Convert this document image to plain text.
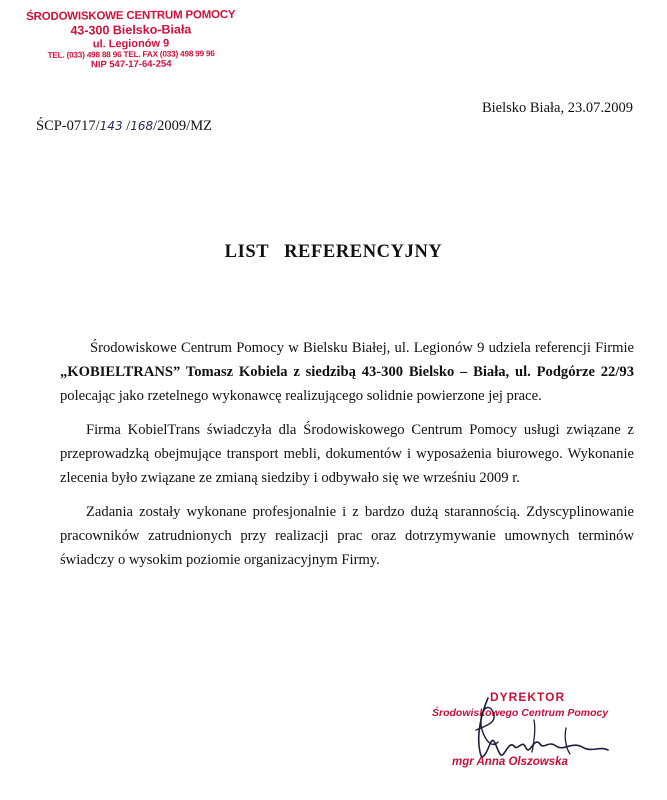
ŚRODOWISKOWE CENTRUM POMOCY
43-300 Bielsko-Biała
ul. Legionów 9
TEL. (033) 498 88 96 TEL. FAX (033) 498 99 96
NIP 547-17-64-254
Bielsko Biała, 23.07.2009
ŚCP-0717/143 /168/2009/MZ
LIST REFERENCYJNY

Środowiskowe Centrum Pomocy w Bielsku Białej, ul. Legionów 9 udziela referencji Firmie „KOBIELTRANS” Tomasz Kobiela z siedzibą 43-300 Bielsko – Biała, ul. Podgórze 22/93 polecając jako rzetelnego wykonawcę realizującego solidnie powierzone jej prace.

Firma KobielTrans świadczyła dla Środowiskowego Centrum Pomocy usługi związane z przeprowadzką obejmujące transport mebli, dokumentów i wyposażenia biurowego. Wykonanie zlecenia było związane ze zmianą siedziby i odbywało się we wrześniu 2009 r.

Zadania zostały wykonane profesjonalnie i z bardzo dużą starannością. Zdyscyplinowanie pracowników zatrudnionych przy realizacji prac oraz dotrzymywanie umownych terminów świadczy o wysokim poziomie organizacyjnym Firmy.

DYREKTOR
Środowiskowego Centrum Pomocy
mgr Anna Olszowska
